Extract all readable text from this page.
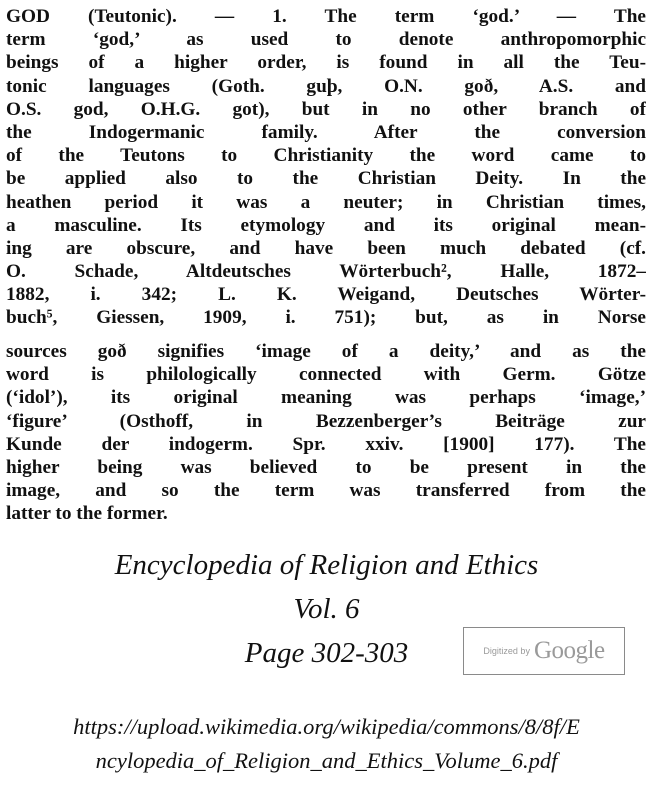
GOD (Teutonic). — 1. The term ‘god.’ — The
term ‘god,’ as used to denote anthropomorphic
beings of a higher order, is found in all the Teu-
tonic languages (Goth. guþ, O.N. goð, A.S. and
O.S. god, O.H.G. got), but in no other branch of
the Indogermanic family. After the conversion
of the Teutons to Christianity the word came to
be applied also to the Christian Deity. In the
heathen period it was a neuter; in Christian times,
a masculine. Its etymology and its original mean-
ing are obscure, and have been much debated (cf.
O. Schade, Altdeutsches Wörterbuch², Halle, 1872–
1882, i. 342; L. K. Weigand, Deutsches Wörter-
buch⁵, Giessen, 1909, i. 751); but, as in Norse
sources goð signifies ‘image of a deity,’ and as the
word is philologically connected with Germ. Götze
(‘idol’), its original meaning was perhaps ‘image,’
‘figure’ (Osthoff, in Bezzenberger’s Beiträge zur
Kunde der indogerm. Spr. xxiv. [1900] 177). The
higher being was believed to be present in the
image, and so the term was transferred from the
latter to the former.
Encyclopedia of Religion and Ethics
Vol. 6
Page 302-303	Digitized by Google
https://upload.wikimedia.org/wikipedia/commons/8/8f/E
ncylopedia_of_Religion_and_Ethics_Volume_6.pdf
